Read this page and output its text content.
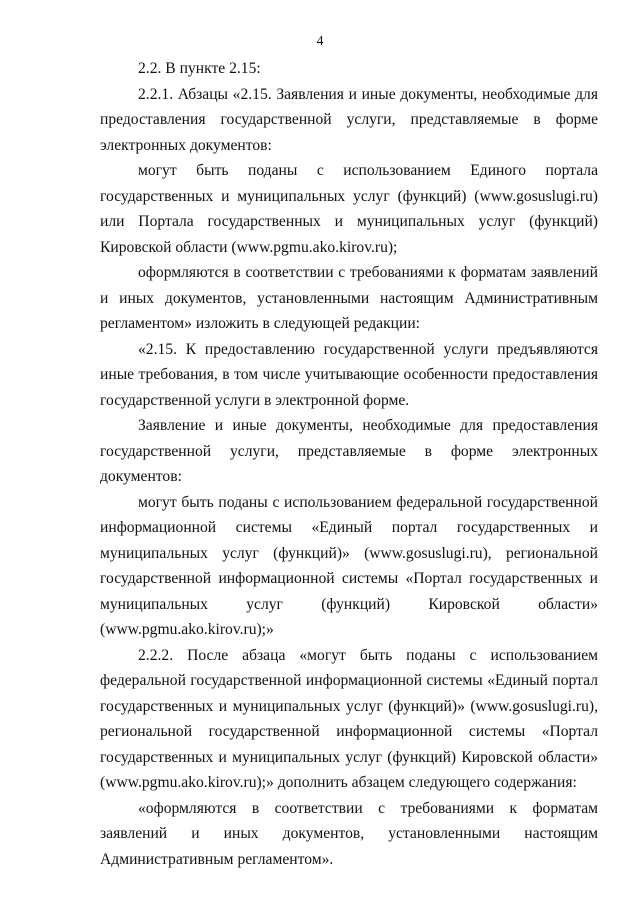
4

2.2. В пункте 2.15:

2.2.1. Абзацы «2.15. Заявления и иные документы, необходимые для предоставления государственной услуги, представляемые в форме электронных документов:

могут быть поданы с использованием Единого портала государственных и муниципальных услуг (функций) (www.gosuslugi.ru) или Портала государственных и муниципальных услуг (функций) Кировской области (www.pgmu.ako.kirov.ru);

оформляются в соответствии с требованиями к форматам заявлений и иных документов, установленными настоящим Административным регламентом» изложить в следующей редакции:

«2.15. К предоставлению государственной услуги предъявляются иные требования, в том числе учитывающие особенности предоставления государственной услуги в электронной форме.

Заявление и иные документы, необходимые для предоставления государственной услуги, представляемые в форме электронных документов:

могут быть поданы с использованием федеральной государственной информационной системы «Единый портал государственных и муниципальных услуг (функций)» (www.gosuslugi.ru), региональной государственной информационной системы «Портал государственных и муниципальных услуг (функций) Кировской области» (www.pgmu.ako.kirov.ru);»

2.2.2. После абзаца «могут быть поданы с использованием федеральной государственной информационной системы «Единый портал государственных и муниципальных услуг (функций)» (www.gosuslugi.ru), региональной государственной информационной системы «Портал государственных и муниципальных услуг (функций) Кировской области» (www.pgmu.ako.kirov.ru);» дополнить абзацем следующего содержания:

«оформляются в соответствии с требованиями к форматам заявлений и иных документов, установленными настоящим Административным регламентом».
